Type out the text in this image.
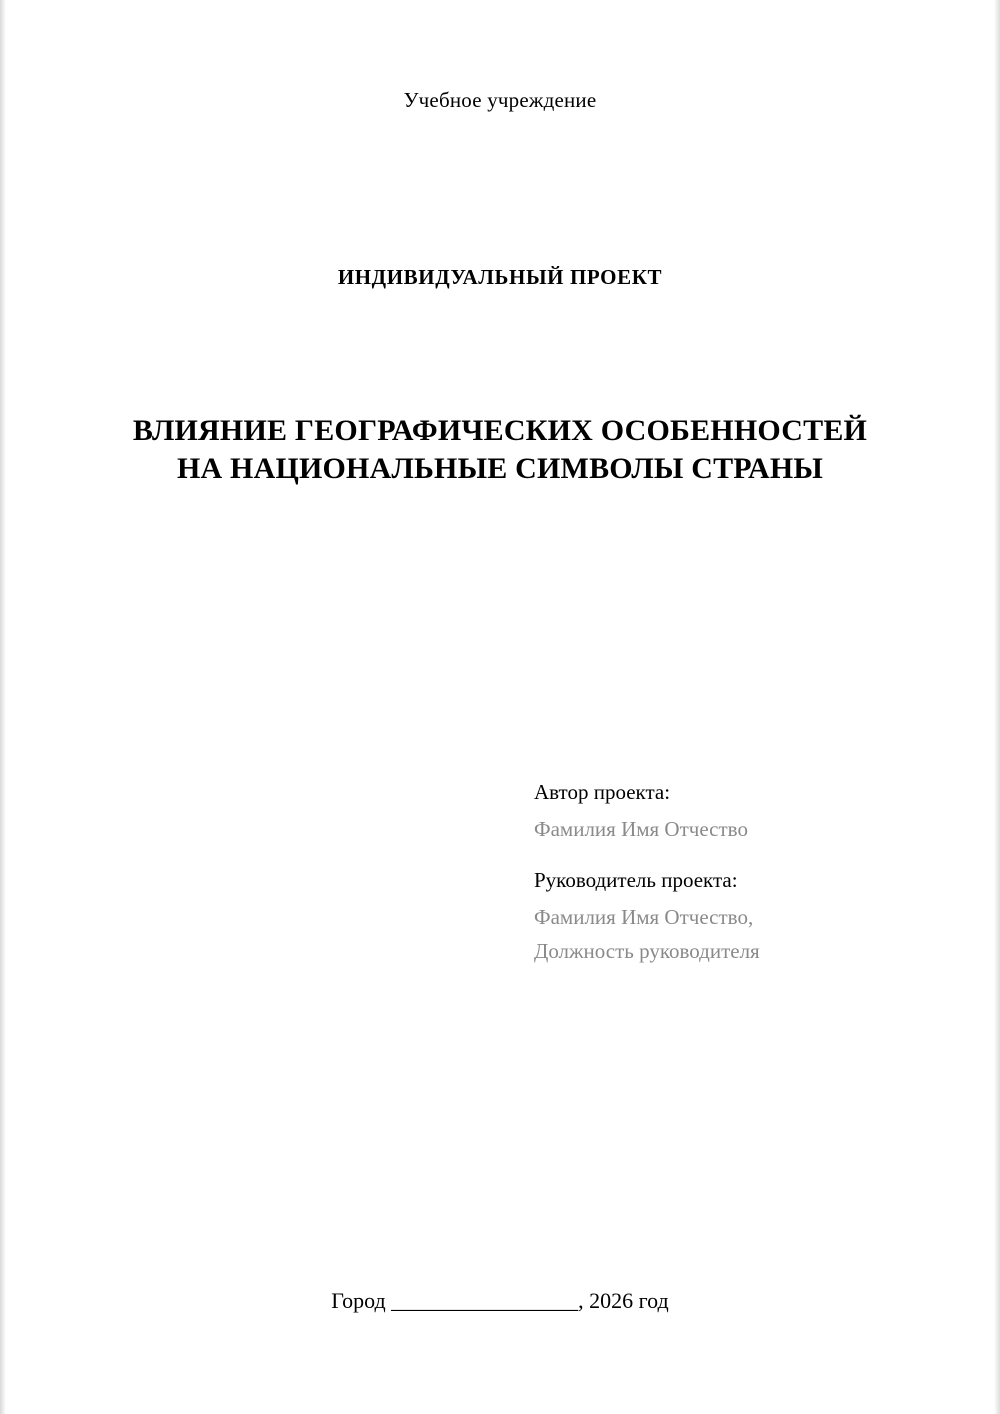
Учебное учреждение
ИНДИВИДУАЛЬНЫЙ ПРОЕКТ
ВЛИЯНИЕ ГЕОГРАФИЧЕСКИХ ОСОБЕННОСТЕЙ НА НАЦИОНАЛЬНЫЕ СИМВОЛЫ СТРАНЫ
Автор проекта:
Фамилия Имя Отчество
Руководитель проекта:
Фамилия Имя Отчество,
Должность руководителя
Город _________________, 2026 год
